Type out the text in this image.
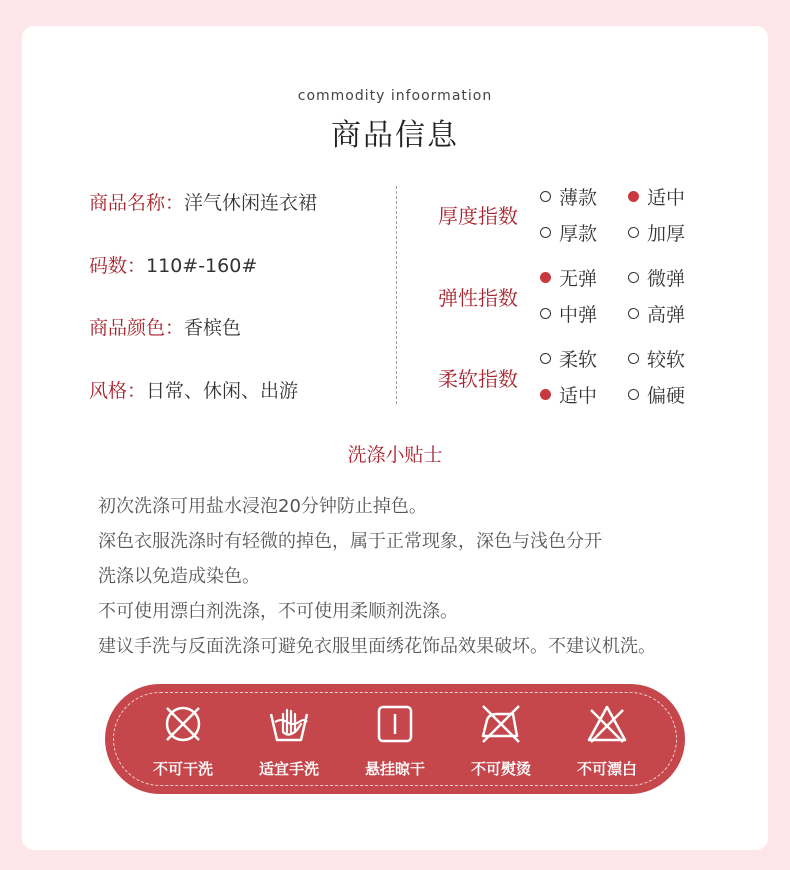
commodity infoormation
商品信息
商品名称：洋气休闲连衣裙
码数：110#-160#
商品颜色：香槟色
风格：日常、休闲、出游
厚度指数
薄款	适中
厚款	加厚
弹性指数
无弹	微弹
中弹	高弹
柔软指数
柔软	较软
适中	偏硬
洗涤小贴士
初次洗涤可用盐水浸泡20分钟防止掉色。
深色衣服洗涤时有轻微的掉色，属于正常现象，深色与浅色分开
洗涤以免造成染色。
不可使用漂白剂洗涤，不可使用柔顺剂洗涤。
建议手洗与反面洗涤可避免衣服里面绣花饰品效果破坏。不建议机洗。
不可干洗	适宜手洗	悬挂晾干	不可熨烫	不可漂白
